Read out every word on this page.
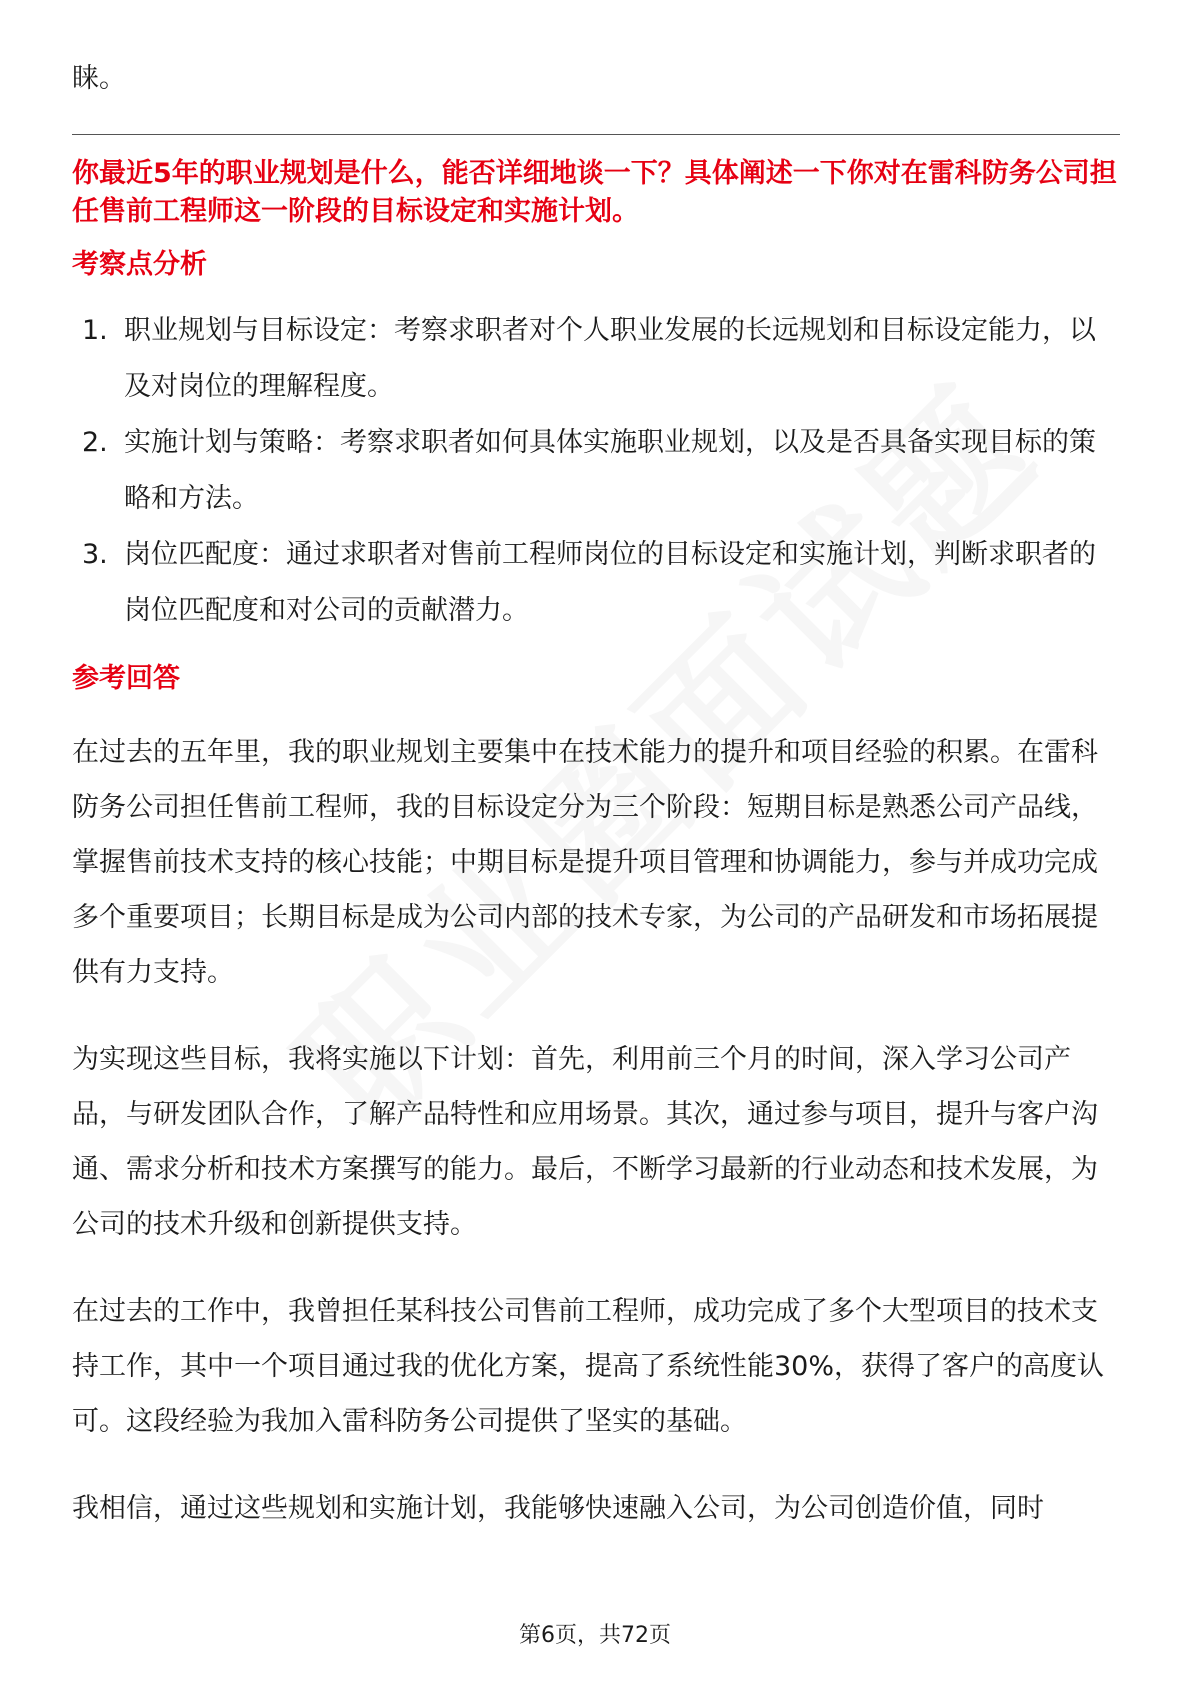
睐。

你最近5年的职业规划是什么，能否详细地谈一下？具体阐述一下你对在雷科防务公司担任售前工程师这一阶段的目标设定和实施计划。

考察点分析
1. 职业规划与目标设定：考察求职者对个人职业发展的长远规划和目标设定能力，以及对岗位的理解程度。
2. 实施计划与策略：考察求职者如何具体实施职业规划，以及是否具备实现目标的策略和方法。
3. 岗位匹配度：通过求职者对售前工程师岗位的目标设定和实施计划，判断求职者的岗位匹配度和对公司的贡献潜力。
参考回答

在过去的五年里，我的职业规划主要集中在技术能力的提升和项目经验的积累。在雷科防务公司担任售前工程师，我的目标设定分为三个阶段：短期目标是熟悉公司产品线，掌握售前技术支持的核心技能；中期目标是提升项目管理和协调能力，参与并成功完成多个重要项目；长期目标是成为公司内部的技术专家，为公司的产品研发和市场拓展提供有力支持。

为实现这些目标，我将实施以下计划：首先，利用前三个月的时间，深入学习公司产品，与研发团队合作，了解产品特性和应用场景。其次，通过参与项目，提升与客户沟通、需求分析和技术方案撰写的能力。最后，不断学习最新的行业动态和技术发展，为公司的技术升级和创新提供支持。

在过去的工作中，我曾担任某科技公司售前工程师，成功完成了多个大型项目的技术支持工作，其中一个项目通过我的优化方案，提高了系统性能30%，获得了客户的高度认可。这段经验为我加入雷科防务公司提供了坚实的基础。

我相信，通过这些规划和实施计划，我能够快速融入公司，为公司创造价值，同时

第6页，共72页
